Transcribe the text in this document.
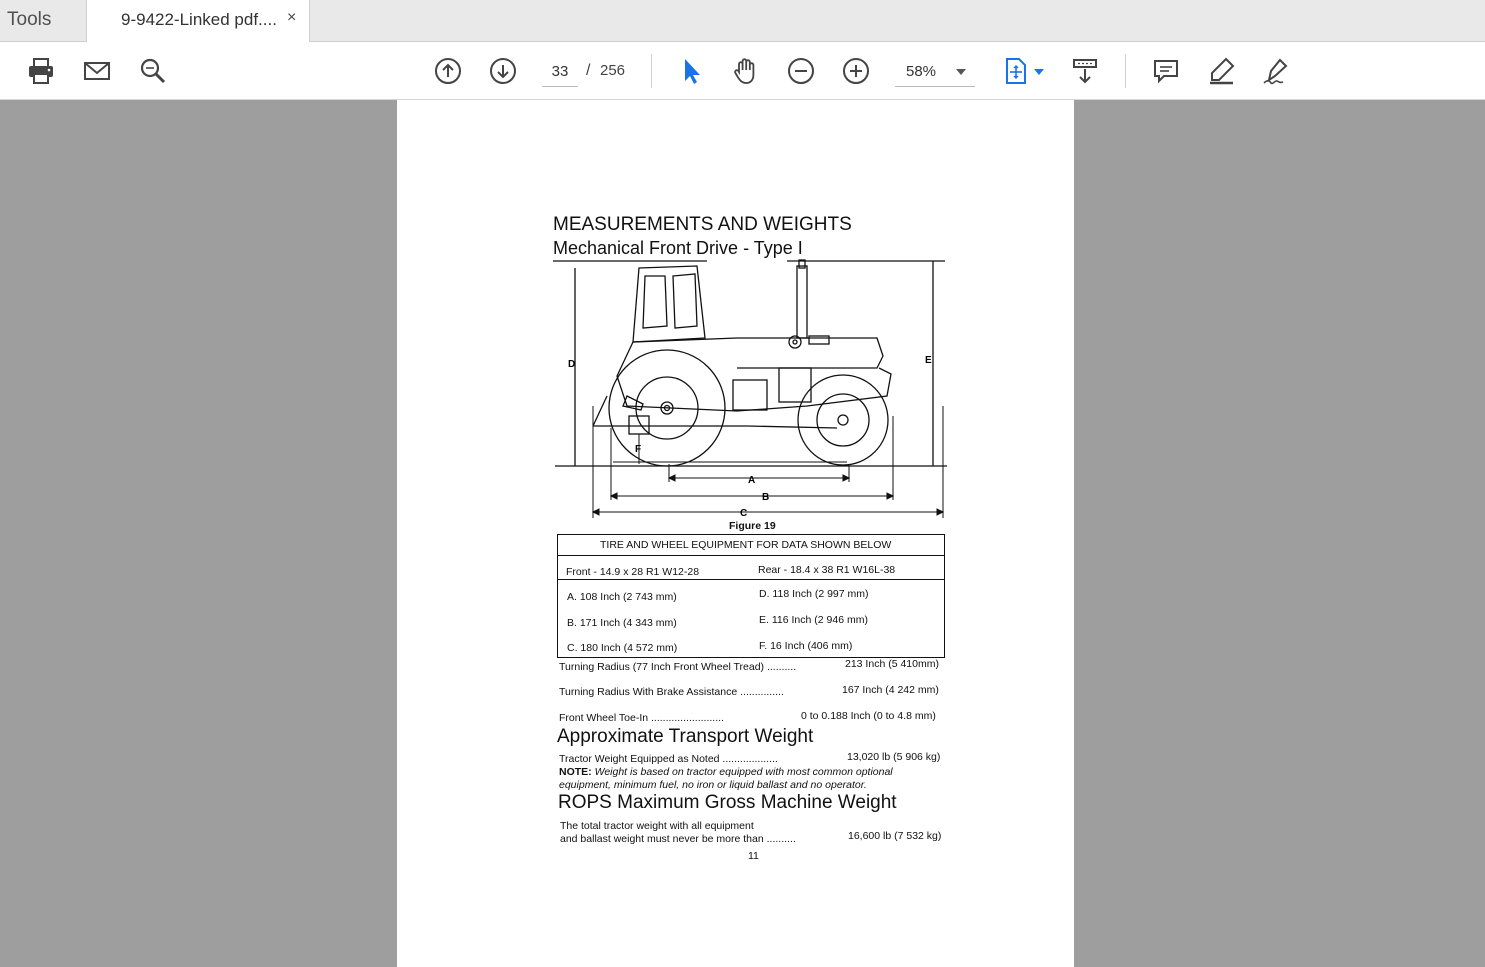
Tools	9-9422-Linked pdf.... ×
33
/ 256	58%
MEASUREMENTS AND WEIGHTS
Mechanical Front Drive - Type I
A
B
C
D	E
F
Figure 19
TIRE AND WHEEL EQUIPMENT FOR DATA SHOWN BELOW
Front - 14.9 x 28 R1 W12-28	Rear - 18.4 x 38 R1 W16L-38
A. 108 Inch (2 743 mm)	D. 118 Inch (2 997 mm)
B. 171 Inch (4 343 mm)	E. 116 Inch (2 946 mm)
C. 180 Inch (4 572 mm)	F. 16 Inch (406 mm)
Turning Radius (77 Inch Front Wheel Tread) ..........	213 Inch (5 410mm)
Turning Radius With Brake Assistance ...............	167 Inch (4 242 mm)
Front Wheel Toe-In .........................	0 to 0.188 Inch (0 to 4.8 mm)
Approximate Transport Weight
Tractor Weight Equipped as Noted ...................	13,020 lb (5 906 kg)
NOTE: Weight is based on tractor equipped with most common optional
equipment, minimum fuel, no iron or liquid ballast and no operator.
ROPS Maximum Gross Machine Weight
The total tractor weight with all equipment
and ballast weight must never be more than ..........	16,600 lb (7 532 kg)
11
